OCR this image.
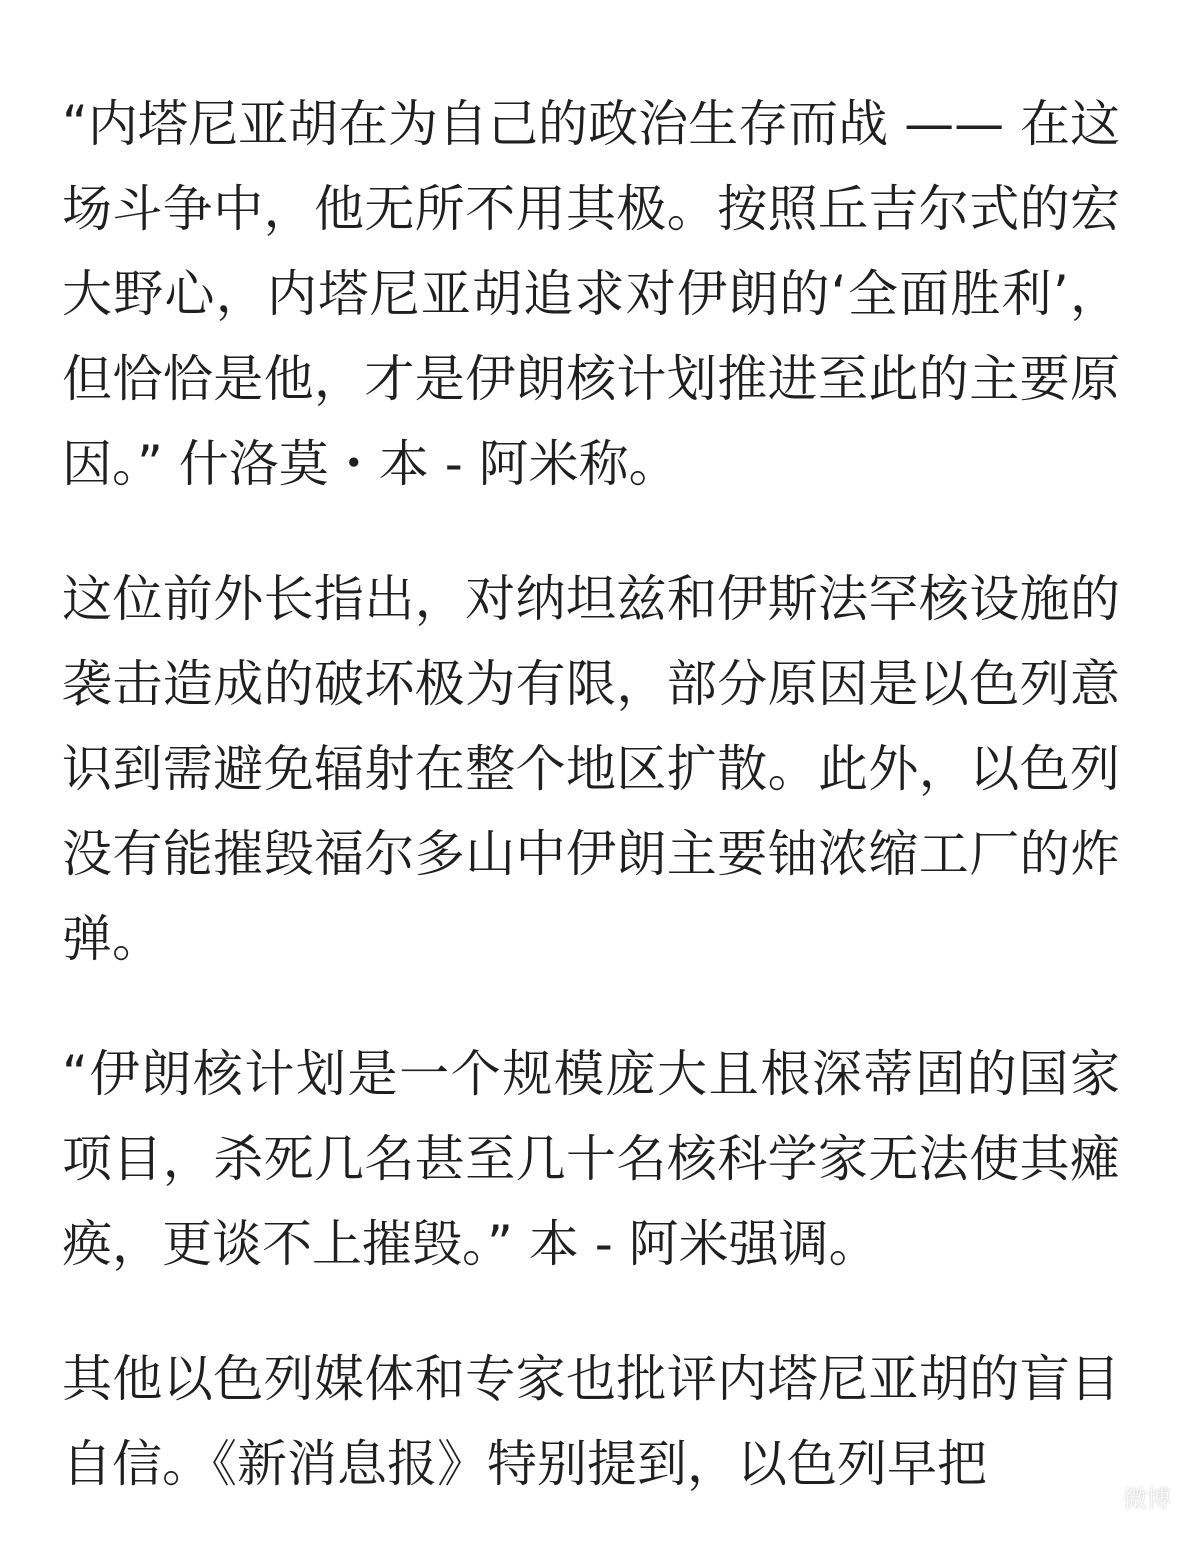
“内塔尼亚胡在为自己的政治生存而战 —— 在这场斗争中，他无所不用其极。按照丘吉尔式的宏大野心，内塔尼亚胡追求对伊朗的‘全面胜利’，但恰恰是他，才是伊朗核计划推进至此的主要原因。” 什洛莫・本 - 阿米称。

这位前外长指出，对纳坦兹和伊斯法罕核设施的袭击造成的破坏极为有限，部分原因是以色列意识到需避免辐射在整个地区扩散。此外，以色列没有能摧毁福尔多山中伊朗主要铀浓缩工厂的炸弹。

“伊朗核计划是一个规模庞大且根深蒂固的国家项目，杀死几名甚至几十名核科学家无法使其瘫痪，更谈不上摧毁。” 本 - 阿米强调。

其他以色列媒体和专家也批评内塔尼亚胡的盲目自信。《新消息报》特别提到，以色列早把

微博
